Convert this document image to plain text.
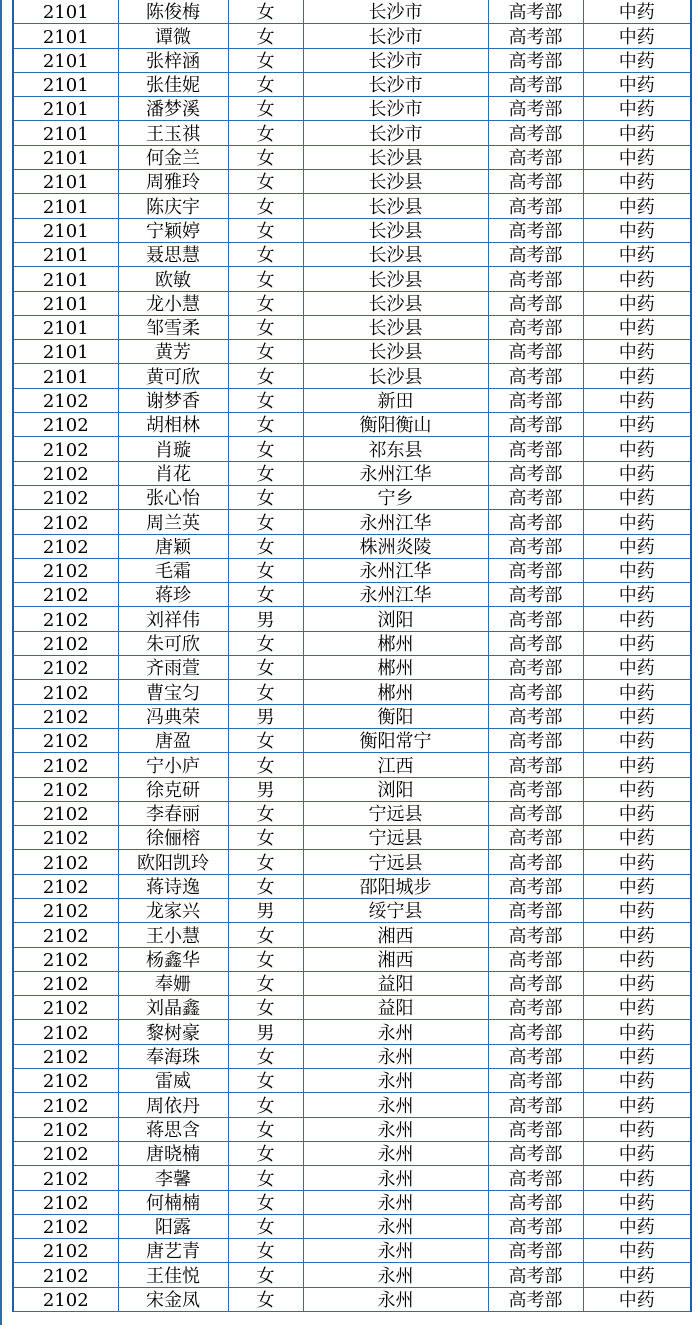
2101	陈俊梅	女	长沙市	高考部	中药
2101	谭微	女	长沙市	高考部	中药
2101	张梓涵	女	长沙市	高考部	中药
2101	张佳妮	女	长沙市	高考部	中药
2101	潘梦溪	女	长沙市	高考部	中药
2101	王玉祺	女	长沙市	高考部	中药
2101	何金兰	女	长沙县	高考部	中药
2101	周雅玲	女	长沙县	高考部	中药
2101	陈庆宇	女	长沙县	高考部	中药
2101	宁颖婷	女	长沙县	高考部	中药
2101	聂思慧	女	长沙县	高考部	中药
2101	欧敏	女	长沙县	高考部	中药
2101	龙小慧	女	长沙县	高考部	中药
2101	邹雪柔	女	长沙县	高考部	中药
2101	黄芳	女	长沙县	高考部	中药
2101	黄可欣	女	长沙县	高考部	中药
2102	谢梦香	女	新田	高考部	中药
2102	胡相林	女	衡阳衡山	高考部	中药
2102	肖璇	女	祁东县	高考部	中药
2102	肖花	女	永州江华	高考部	中药
2102	张心怡	女	宁乡	高考部	中药
2102	周兰英	女	永州江华	高考部	中药
2102	唐颖	女	株洲炎陵	高考部	中药
2102	毛霜	女	永州江华	高考部	中药
2102	蒋珍	女	永州江华	高考部	中药
2102	刘祥伟	男	浏阳	高考部	中药
2102	朱可欣	女	郴州	高考部	中药
2102	齐雨萱	女	郴州	高考部	中药
2102	曹宝匀	女	郴州	高考部	中药
2102	冯典荣	男	衡阳	高考部	中药
2102	唐盈	女	衡阳常宁	高考部	中药
2102	宁小庐	女	江西	高考部	中药
2102	徐克研	男	浏阳	高考部	中药
2102	李春丽	女	宁远县	高考部	中药
2102	徐俪榕	女	宁远县	高考部	中药
2102	欧阳凯玲	女	宁远县	高考部	中药
2102	蒋诗逸	女	邵阳城步	高考部	中药
2102	龙家兴	男	绥宁县	高考部	中药
2102	王小慧	女	湘西	高考部	中药
2102	杨鑫华	女	湘西	高考部	中药
2102	奉姗	女	益阳	高考部	中药
2102	刘晶鑫	女	益阳	高考部	中药
2102	黎树豪	男	永州	高考部	中药
2102	奉海珠	女	永州	高考部	中药
2102	雷威	女	永州	高考部	中药
2102	周依丹	女	永州	高考部	中药
2102	蒋思含	女	永州	高考部	中药
2102	唐晓楠	女	永州	高考部	中药
2102	李馨	女	永州	高考部	中药
2102	何楠楠	女	永州	高考部	中药
2102	阳露	女	永州	高考部	中药
2102	唐艺青	女	永州	高考部	中药
2102	王佳悦	女	永州	高考部	中药
2102	宋金凤	女	永州	高考部	中药
